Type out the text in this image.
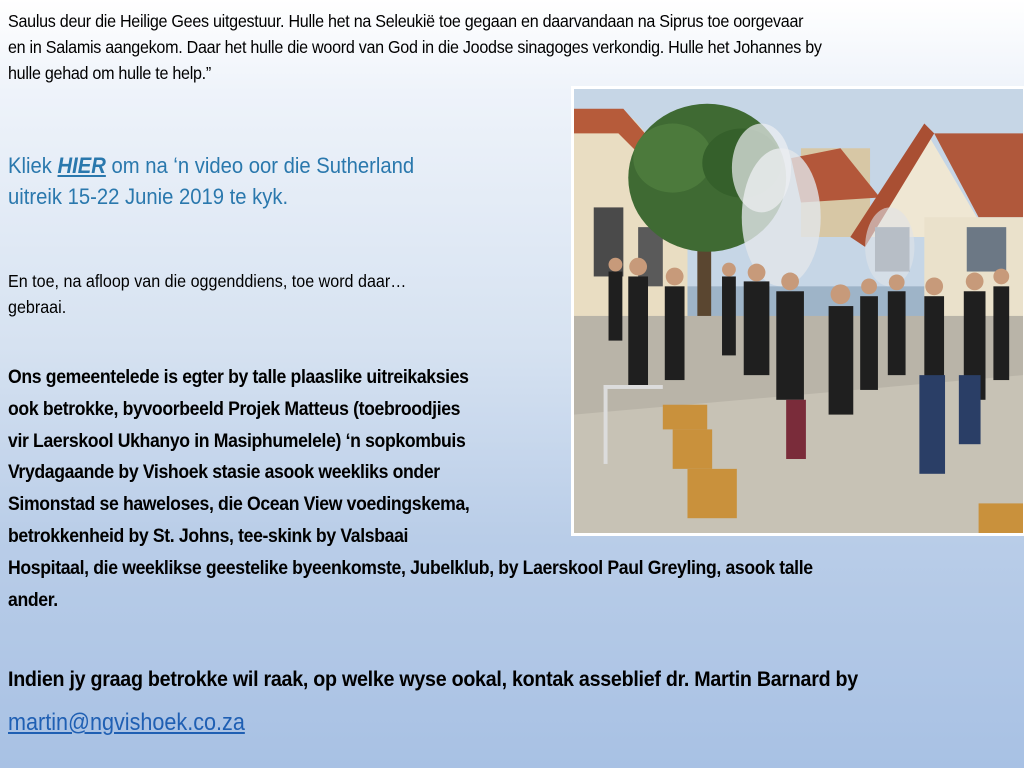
Saulus deur die Heilige Gees uitgestuur. Hulle het na Seleukië toe gegaan en daarvandaan na Siprus toe oorgevaar
en in Salamis aangekom. Daar het hulle die woord van God in die Joodse sinagoges verkondig. Hulle het Johannes by
hulle gehad om hulle te help.”
Kliek HIER om na ‘n video oor die Sutherland
uitreik 15-22 Junie 2019 te kyk.
En toe, na afloop van die oggenddiens, toe word daar…
gebraai.
Ons gemeentelede is egter by talle plaaslike uitreikaksies
ook betrokke, byvoorbeeld Projek Matteus (toebroodjies
vir Laerskool Ukhanyo in Masiphumelele) ‘n sopkombuis
Vrydagaande by Vishoek stasie asook weekliks onder
Simonstad se haweloses, die Ocean View voedingskema,
betrokkenheid by St. Johns, tee-skink by Valsbaai
Hospitaal, die weeklikse geestelike byeenkomste, Jubelklub, by Laerskool Paul Greyling, asook talle
ander.
Indien jy graag betrokke wil raak, op welke wyse ookal, kontak asseblief dr. Martin Barnard by
martin@ngvishoek.co.za
